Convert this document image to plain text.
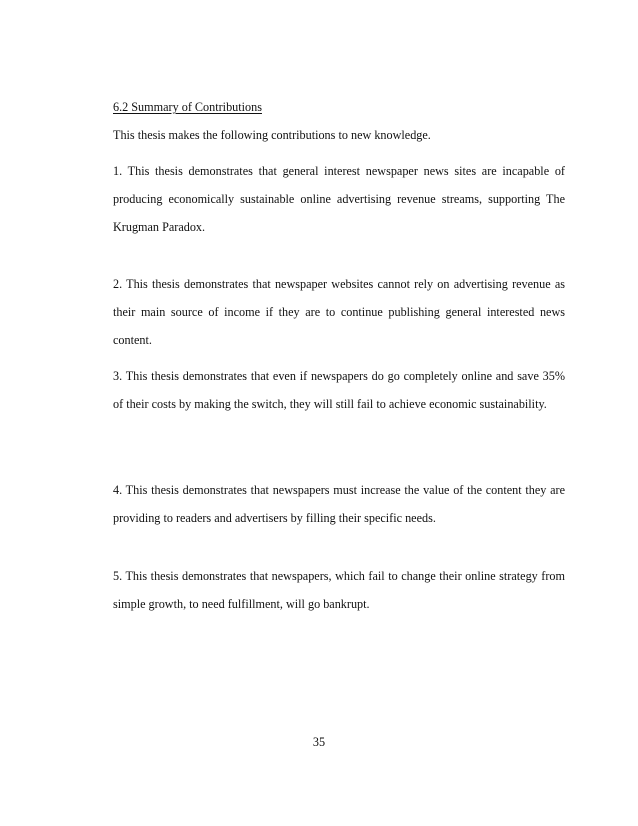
6.2 Summary of Contributions
This thesis makes the following contributions to new knowledge.

1. This thesis demonstrates that general interest newspaper news sites are incapable of producing economically sustainable online advertising revenue streams, supporting The Krugman Paradox.

2. This thesis demonstrates that newspaper websites cannot rely on advertising revenue as their main source of income if they are to continue publishing general interested news content.

3. This thesis demonstrates that even if newspapers do go completely online and save 35% of their costs by making the switch, they will still fail to achieve economic sustainability.

4. This thesis demonstrates that newspapers must increase the value of the content they are providing to readers and advertisers by filling their specific needs.

5. This thesis demonstrates that newspapers, which fail to change their online strategy from simple growth, to need fulfillment, will go bankrupt.

35
